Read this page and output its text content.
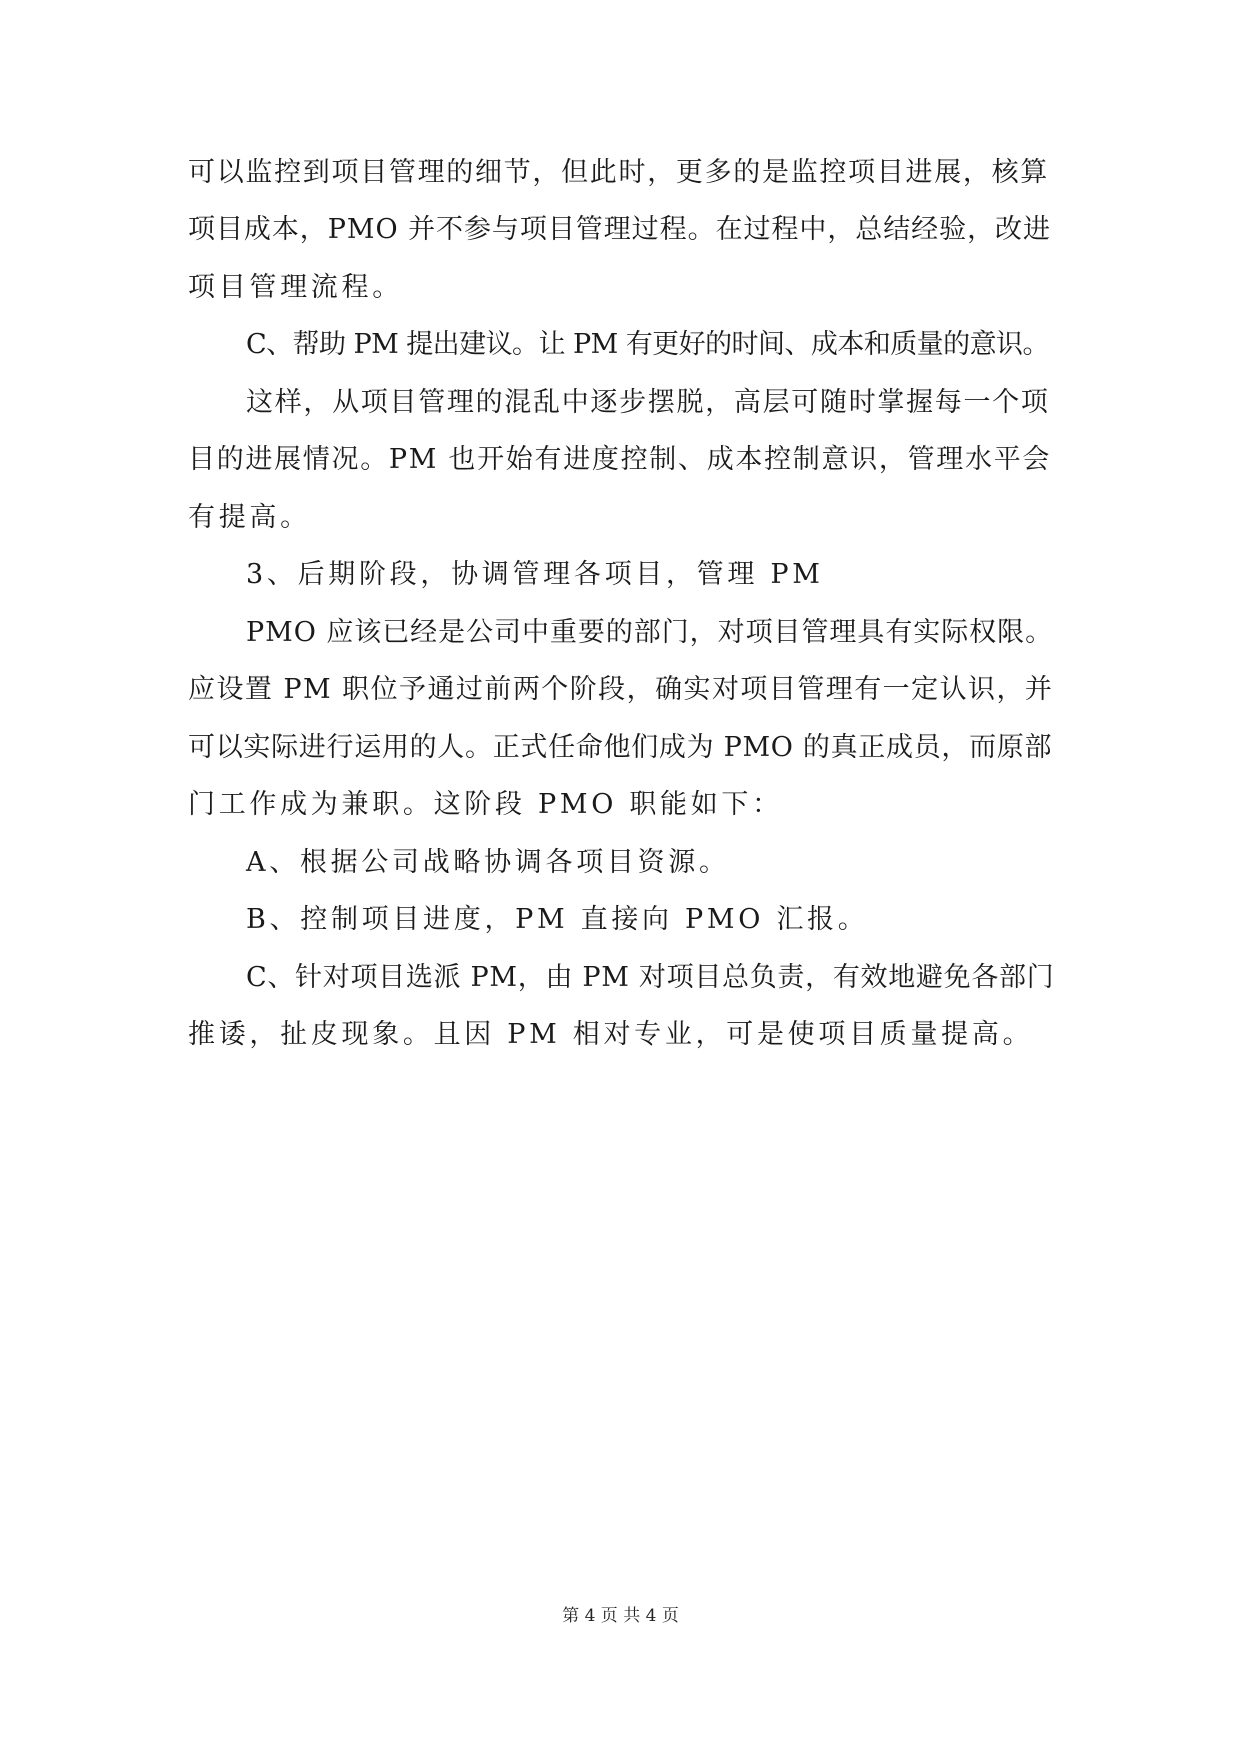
可以监控到项目管理的细节，但此时，更多的是监控项目进展，核算
项目成本，PMO 并不参与项目管理过程。在过程中，总结经验，改进
项目管理流程。
C、帮助 PM 提出建议。让 PM 有更好的时间、成本和质量的意识。
这样，从项目管理的混乱中逐步摆脱，高层可随时掌握每一个项
目的进展情况。PM 也开始有进度控制、成本控制意识，管理水平会
有提高。
3、后期阶段，协调管理各项目，管理 PM
PMO 应该已经是公司中重要的部门，对项目管理具有实际权限。
应设置 PM 职位予通过前两个阶段，确实对项目管理有一定认识，并
可以实际进行运用的人。正式任命他们成为 PMO 的真正成员，而原部
门工作成为兼职。这阶段 PMO 职能如下：
A、根据公司战略协调各项目资源。
B、控制项目进度，PM 直接向 PMO 汇报。
C、针对项目选派 PM，由 PM 对项目总负责，有效地避免各部门
推诿，扯皮现象。且因 PM 相对专业，可是使项目质量提高。
第 4 页 共 4 页
